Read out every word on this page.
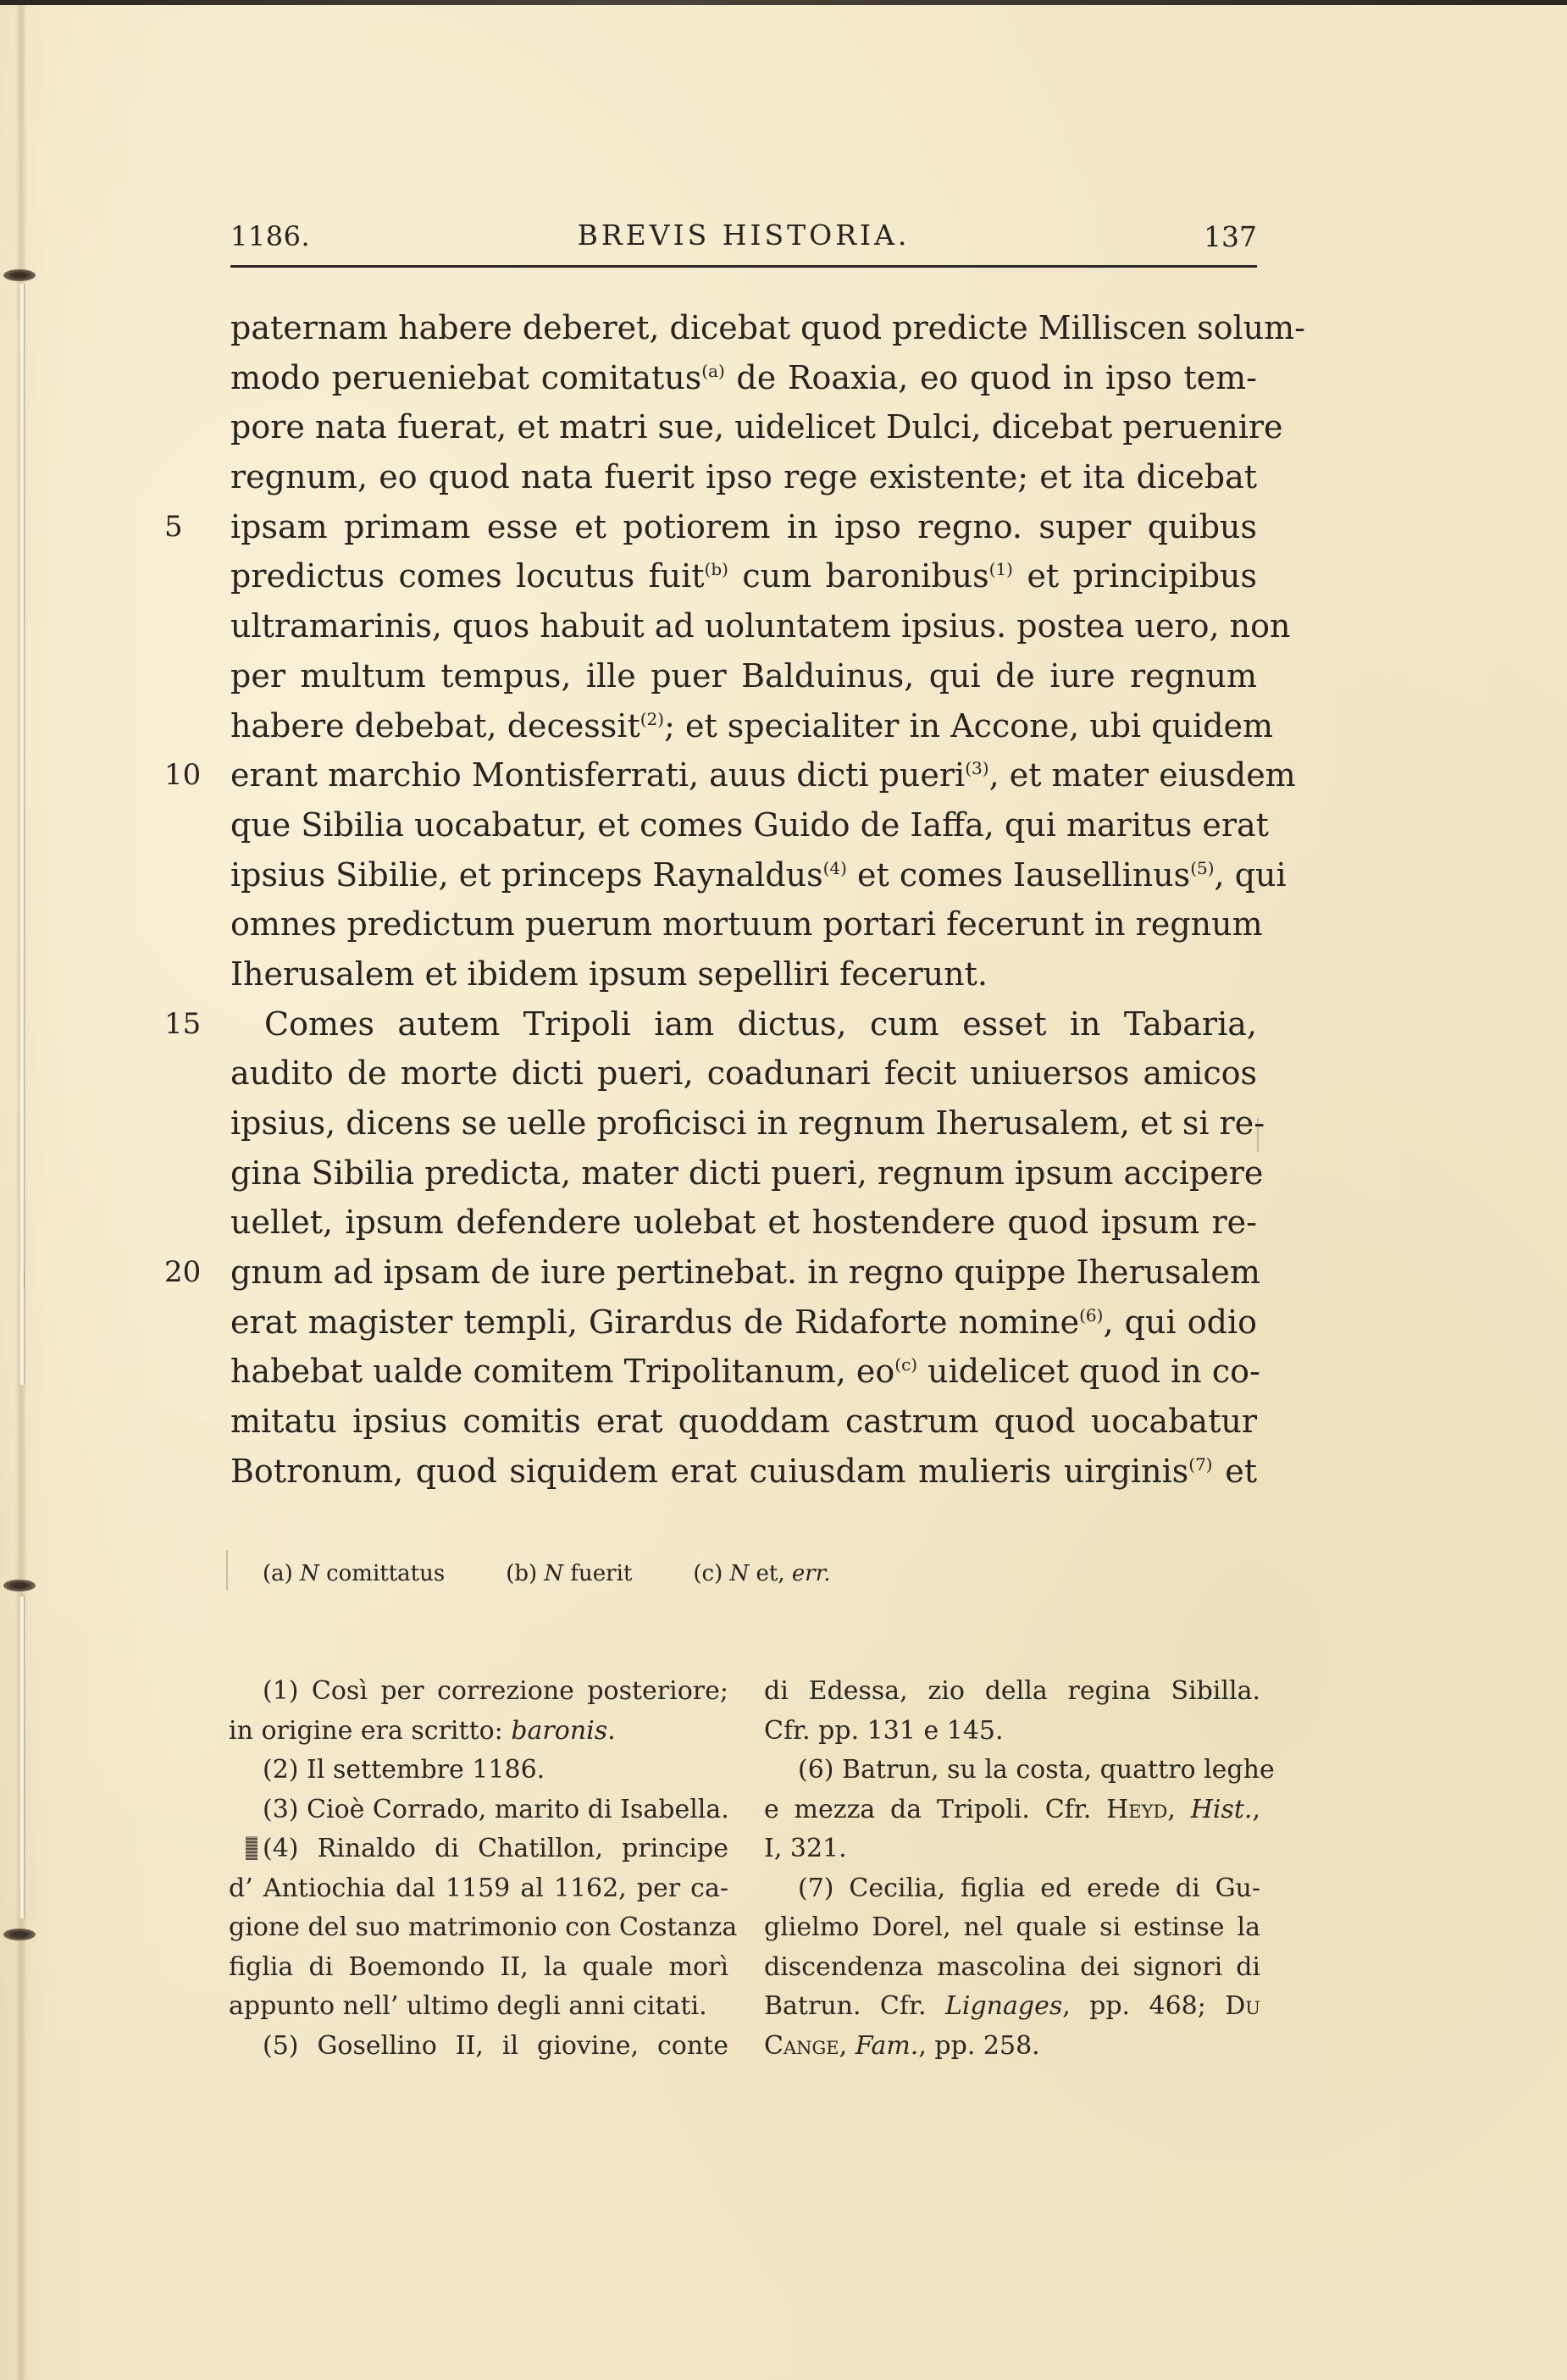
1186.	BREVIS HISTORIA.	137
paternam habere deberet, dicebat quod predicte Milliscen solum-
modo perueniebat comitatus$^{(a)}$ de Roaxia, eo quod in ipso tem-
pore nata fuerat, et matri sue, uidelicet Dulci, dicebat peruenire
regnum, eo quod nata fuerit ipso rege existente; et ita dicebat
5	ipsam primam esse et potiorem in ipso regno. super quibus
predictus comes locutus fuit$^{(b)}$ cum baronibus$^{(1)}$ et principibus
ultramarinis, quos habuit ad uoluntatem ipsius. postea uero, non
per multum tempus, ille puer Balduinus, qui de iure regnum
habere debebat, decessit$^{(2)}$; et specialiter in Accone, ubi quidem
10 erant marchio Montisferrati, auus dicti pueri$^{(3)}$, et mater eiusdem
que Sibilia uocabatur, et comes Guido de Iaffa, qui maritus erat
ipsius Sibilie, et princeps Raynaldus$^{(4)}$ et comes Iausellinus$^{(5)}$, qui
omnes predictum puerum mortuum portari fecerunt in regnum
Iherusalem et ibidem ipsum sepelliri fecerunt.
15 Comes autem Tripoli iam dictus, cum esset in Tabaria,
audito de morte dicti pueri, coadunari fecit uniuersos amicos
ipsius, dicens se uelle proficisci in regnum Iherusalem, et si re-
gina Sibilia predicta, mater dicti pueri, regnum ipsum accipere
uellet, ipsum defendere uolebat et hostendere quod ipsum re-
20 gnum ad ipsam de iure pertinebat. in regno quippe Iherusalem
erat magister templi, Girardus de Ridaforte nomine$^{(6)}$, qui odio
habebat ualde comitem Tripolitanum, eo$^{(c)}$ uidelicet quod in co-
mitatu ipsius comitis erat quoddam castrum quod uocabatur
Botronum, quod siquidem erat cuiusdam mulieris uirginis$^{(7)}$ et
(a) N comittatus	(b) N fuerit	(c) N et, err.
(1) Così per correzione posteriore;
in origine era scritto: baronis.
(2) Il settembre 1186.
(3) Cioè Corrado, marito di Isabella.
(4) Rinaldo di Chatillon, principe
d’ Antiochia dal 1159 al 1162, per ca-
gione del suo matrimonio con Costanza
figlia di Boemondo II, la quale morì
appunto nell’ ultimo degli anni citati.
(5) Gosellino II, il giovine, conte
di Edessa, zio della regina Sibilla.
Cfr. pp. 131 e 145.
(6) Batrun, su la costa, quattro leghe
e mezza da Tripoli. Cfr. Heyd, Hist.,
I, 321.
(7) Cecilia, figlia ed erede di Gu-
glielmo Dorel, nel quale si estinse la
discendenza mascolina dei signori di
Batrun. Cfr. Lignages, pp. 468; Du
Cange, Fam., pp. 258.
